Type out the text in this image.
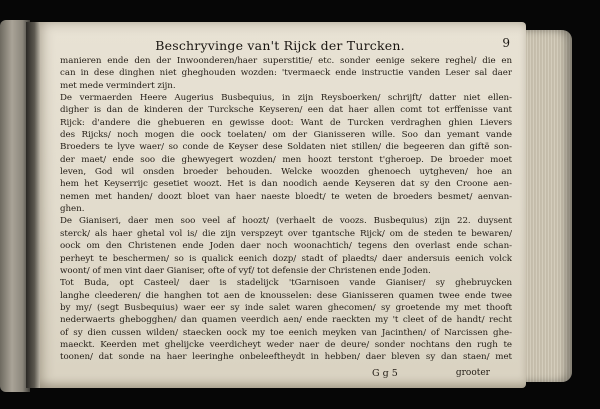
Beschryvinge van't Rijck der Turcken.	9
manieren ende den der Inwoonderen/haer superstitie/ etc. sonder eenige sekere reghel/ die en
can in dese dinghen niet gheghouden wozden: 'tvermaeck ende instructie vanden Leser sal daer
met mede vermindert zijn.
De vermaerden Heere Augerius Busbequius, in zijn Reysboerken/ schrijft/ datter niet ellen-
digher is dan de kinderen der Turcksche Keyseren/ een dat haer allen comt tot erffenisse vant
Rijck: d'andere die ghebueren en gewisse doot: Want de Turcken verdraghen ghien Lievers
des Rijcks/ noch mogen die oock toelaten/ om der Gianisseren wille. Soo dan yemant vande
Broeders te lyve waer/ so conde de Keyser dese Soldaten niet stillen/ die begeeren dan giftë son-
der maet/ ende soo die ghewyegert wozden/ men hoozt terstont t'gheroep. De broeder moet
leven, God wil onsden broeder behouden. Welcke woozden ghenoech uytgheven/ hoe an
hem het Keyserrijc gesetiet woozt. Het is dan noodich aende Keyseren dat sy den Croone aen-
nemen met handen/ doozt bloet van haer naeste bloedt/ te weten de broeders besmet/ aenvan-
ghen.
De Gianiseri, daer men soo veel af hoozt/ (verhaelt de voozs. Busbequius) zijn 22. duysent
sterck/ als haer ghetal vol is/ die zijn verspzeyt over tgantsche Rijck/ om de steden te bewaren/
oock om den Christenen ende Joden daer noch woonachtich/ tegens den overlast ende schan-
perheyt te beschermen/ so is qualick eenich dozp/ stadt of plaedts/ daer andersuis eenich volck
woont/ of men vint daer Gianiser, ofte of vyf/ tot defensie der Christenen ende Joden.
Tot Buda, opt Casteel/ daer is stadelijck 'tGarnisoen vande Gianiser/ sy ghebruycken
langhe cleederen/ die hanghen tot aen de knousselen: dese Gianisseren quamen twee ende twee
by my/ (segt Busbequius) waer eer sy inde salet waren ghecomen/ sy groetende my met thooft
nederwaerts ghebogghen/ dan quamen veerdich aen/ ende raeckten my 't cleet of de handt/ recht
of sy dien cussen wilden/ staecken oock my toe eenich meyken van Jacinthen/ of Narcissen ghe-
maeckt. Keerden met ghelijcke veerdicheyt weder naer de deure/ sonder nochtans den rugh te
toonen/ dat sonde na haer leeringhe onbeleeftheydt in hebben/ daer bleven sy dan staen/ met
G g 5	grooter
